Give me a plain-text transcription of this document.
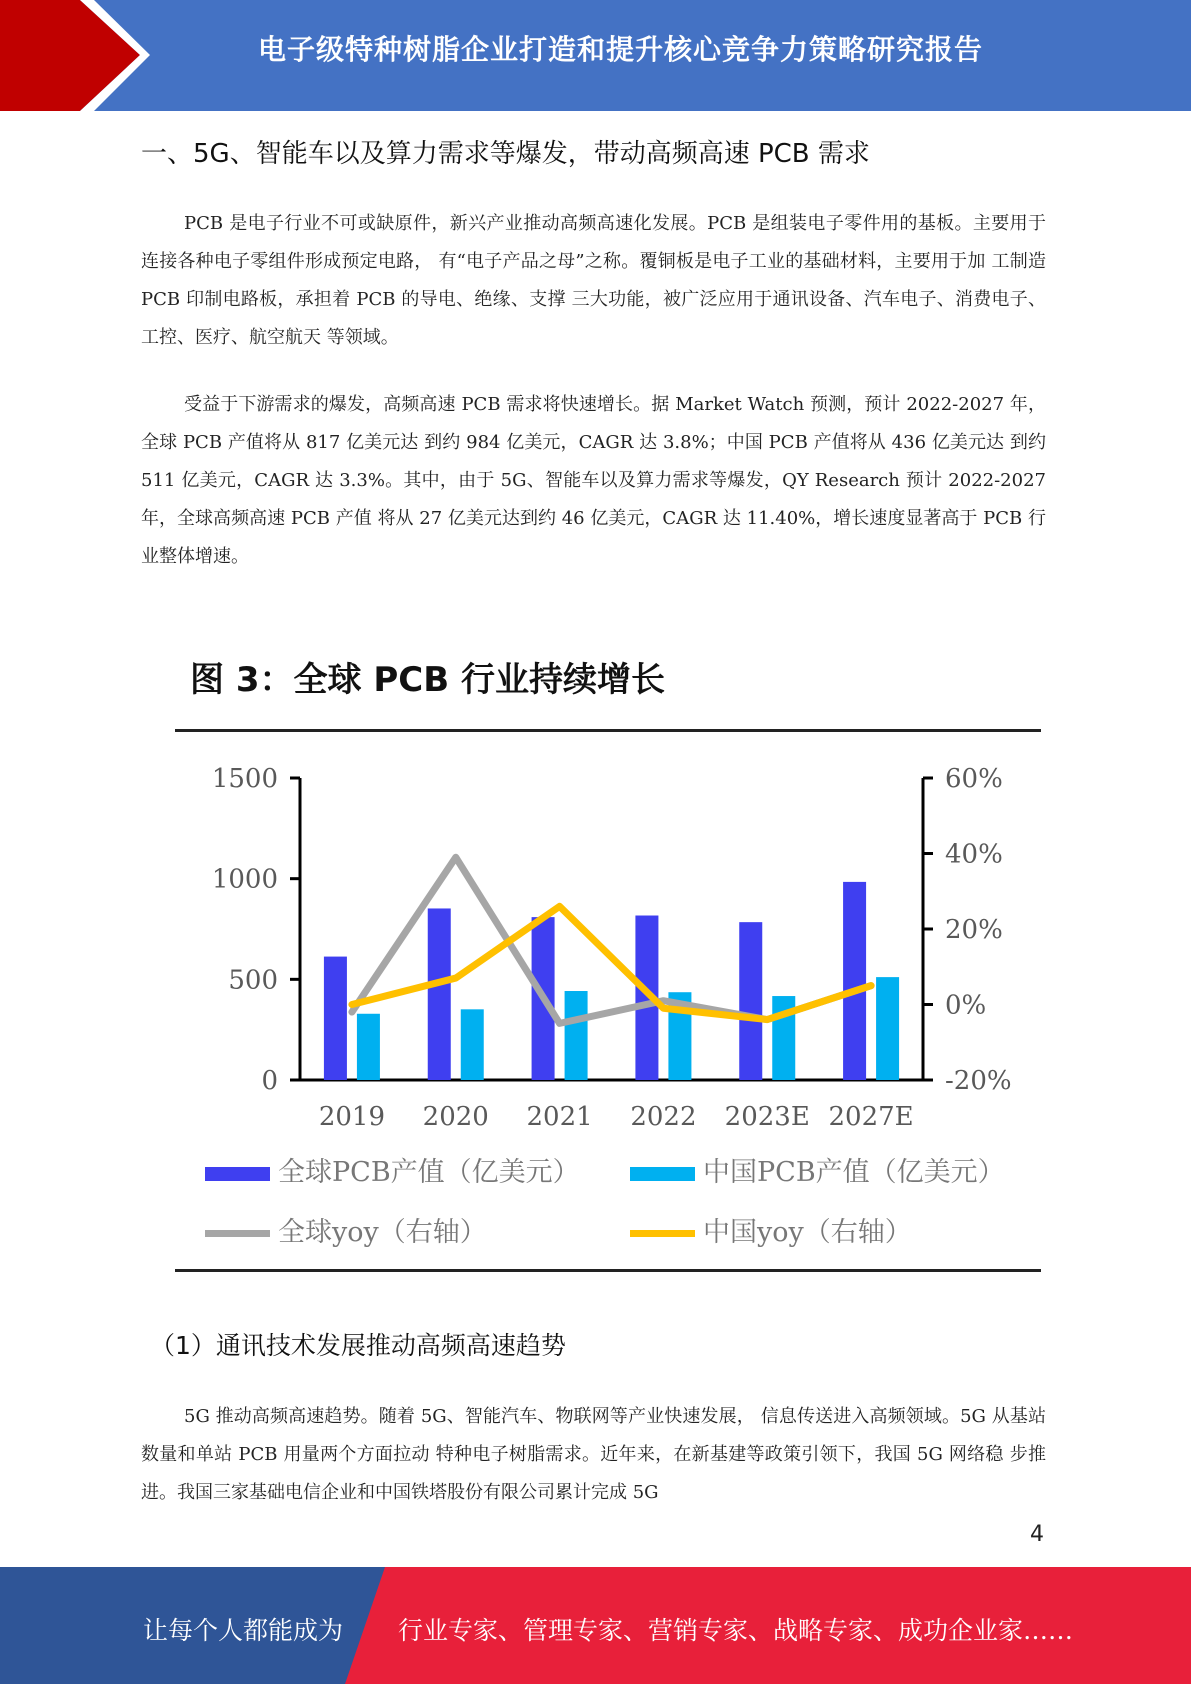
电子级特种树脂企业打造和提升核心竞争力策略研究报告
一、5G、智能车以及算力需求等爆发，带动高频高速 PCB 需求
PCB 是电子行业不可或缺原件，新兴产业推动高频高速化发展。PCB 是组装电子零件用的基板。主要用于连接各种电子零组件形成预定电路， 有“电子产品之母”之称。覆铜板是电子工业的基础材料，主要用于加 工制造 PCB 印制电路板，承担着 PCB 的导电、绝缘、支撑 三大功能，被广泛应用于通讯设备、汽车电子、消费电子、工控、医疗、航空航天 等领域。
受益于下游需求的爆发，高频高速 PCB 需求将快速增长。据 Market Watch 预测，预计 2022-2027 年，全球 PCB 产值将从 817 亿美元达 到约 984 亿美元，CAGR 达 3.8%；中国 PCB 产值将从 436 亿美元达 到约 511 亿美元，CAGR 达 3.3%。其中，由于 5G、智能车以及算力需求等爆发，QY Research 预计 2022-2027 年，全球高频高速 PCB 产值 将从 27 亿美元达到约 46 亿美元，CAGR 达 11.40%，增长速度显著高于 PCB 行业整体增速。
图 3：全球 PCB 行业持续增长
0
500
1000
1500
-20%
0%
20%
40%
60%
2019 2020 2021 2022 2023E 2027E
全球PCB产值（亿美元）	中国PCB产值（亿美元）
全球yoy（右轴）	中国yoy（右轴）
（1）通讯技术发展推动高频高速趋势
5G 推动高频高速趋势。随着 5G、智能汽车、物联网等产业快速发展， 信息传送进入高频领域。5G 从基站数量和单站 PCB 用量两个方面拉动 特种电子树脂需求。近年来，在新基建等政策引领下，我国 5G 网络稳 步推进。我国三家基础电信企业和中国铁塔股份有限公司累计完成 5G
4
让每个人都能成为 行业专家、管理专家、营销专家、战略专家、成功企业家……
